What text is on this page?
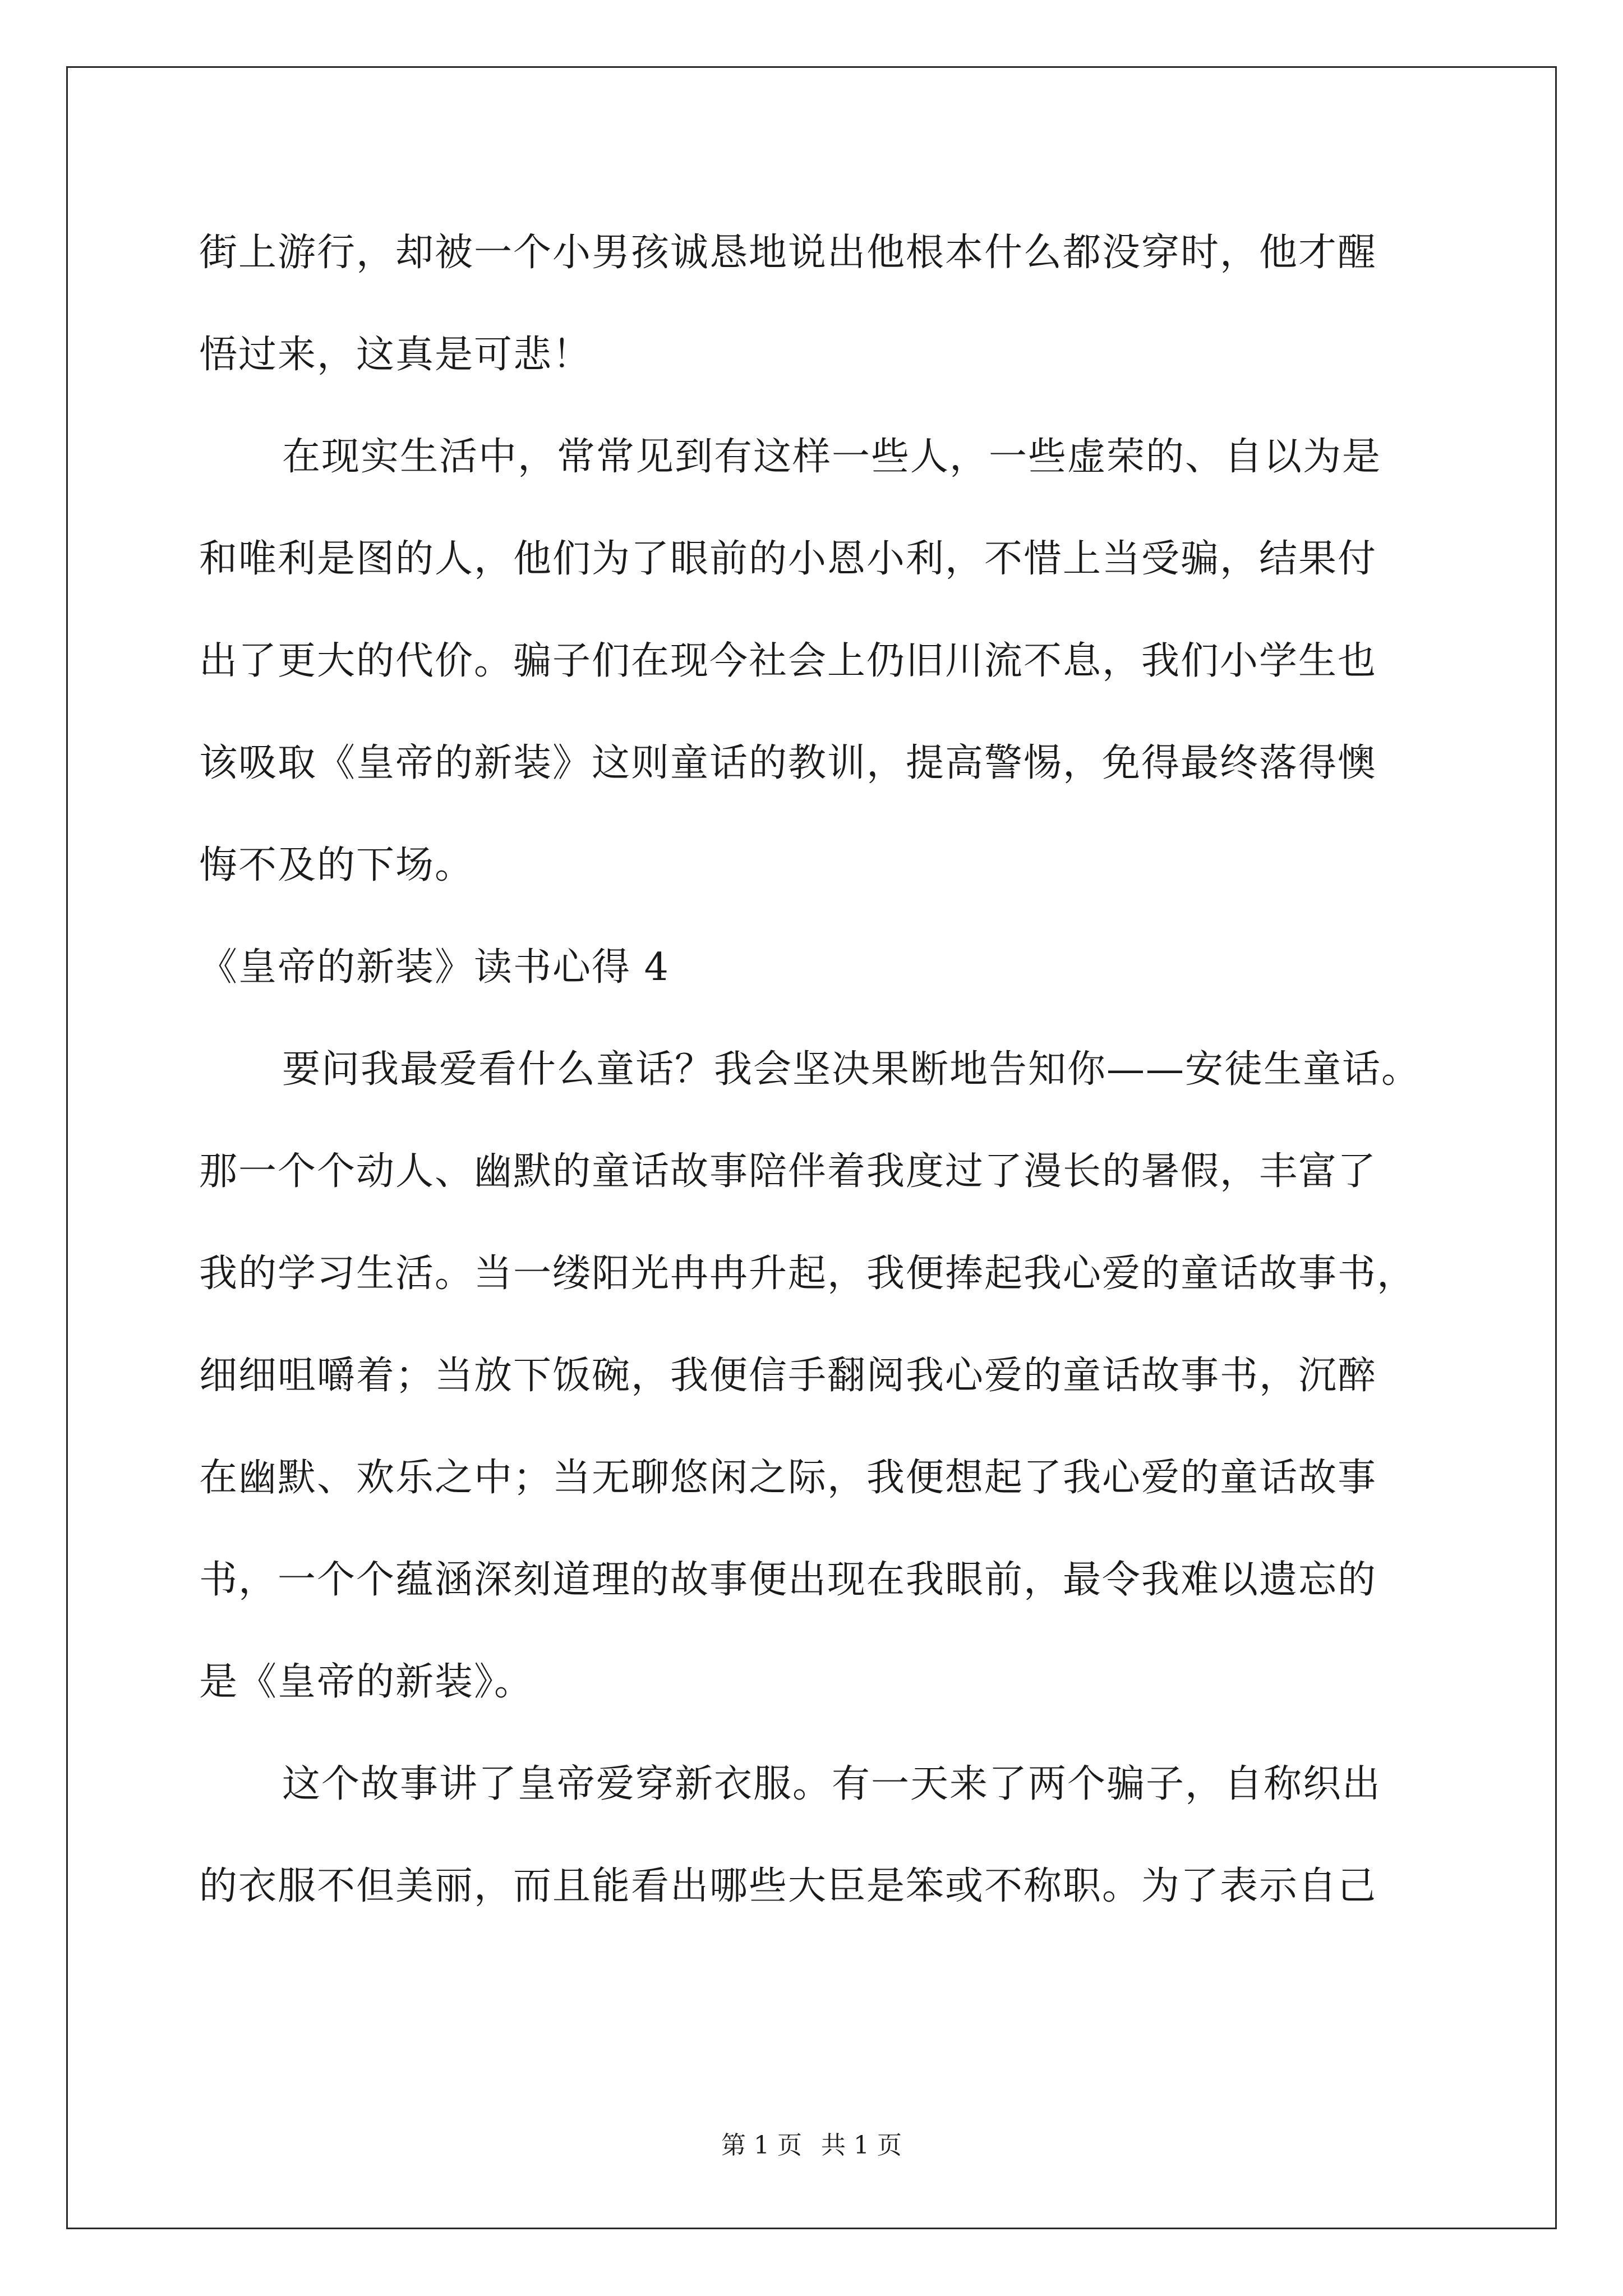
街上游行，却被一个小男孩诚恳地说出他根本什么都没穿时，他才醒
悟过来，这真是可悲！
在现实生活中，常常见到有这样一些人，一些虚荣的、自以为是
和唯利是图的人，他们为了眼前的小恩小利，不惜上当受骗，结果付
出了更大的代价。骗子们在现今社会上仍旧川流不息，我们小学生也
该吸取《皇帝的新装》这则童话的教训，提高警惕，免得最终落得懊
悔不及的下场。
《皇帝的新装》读书心得 4
要问我最爱看什么童话？我会坚决果断地告知你——安徒生童话。
那一个个动人、幽默的童话故事陪伴着我度过了漫长的暑假，丰富了
我的学习生活。当一缕阳光冉冉升起，我便捧起我心爱的童话故事书，
细细咀嚼着；当放下饭碗，我便信手翻阅我心爱的童话故事书，沉醉
在幽默、欢乐之中；当无聊悠闲之际，我便想起了我心爱的童话故事
书，一个个蕴涵深刻道理的故事便出现在我眼前，最令我难以遗忘的
是《皇帝的新装》。
这个故事讲了皇帝爱穿新衣服。有一天来了两个骗子，自称织出
的衣服不但美丽，而且能看出哪些大臣是笨或不称职。为了表示自己
第 1 页 共 1 页
